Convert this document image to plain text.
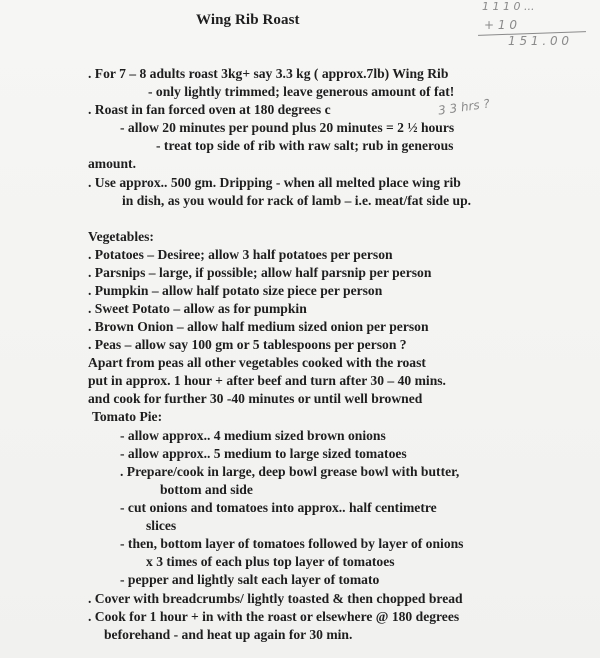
Wing Rib Roast
1 1 1 0 ...
+ 1 0
1 5 1 . 0 0
3 3 hrs ?
. For 7 – 8 adults roast 3kg+ say 3.3 kg ( approx.7lb) Wing Rib
- only lightly trimmed; leave generous amount of fat!
. Roast in fan forced oven at 180 degrees c
- allow 20 minutes per pound plus 20 minutes = 2 ½ hours
- treat top side of rib with raw salt; rub in generous
amount.
. Use approx.. 500 gm. Dripping - when all melted place wing rib
in dish, as you would for rack of lamb – i.e. meat/fat side up.
Vegetables:
. Potatoes – Desiree; allow 3 half potatoes per person
. Parsnips – large, if possible; allow half parsnip per person
. Pumpkin – allow half potato size piece per person
. Sweet Potato – allow as for pumpkin
. Brown Onion – allow half medium sized onion per person
. Peas – allow say 100 gm or 5 tablespoons per person ?
Apart from peas all other vegetables cooked with the roast
put in approx. 1 hour + after beef and turn after 30 – 40 mins.
and cook for further 30 -40 minutes or until well browned
Tomato Pie:
- allow approx.. 4 medium sized brown onions
- allow approx.. 5 medium to large sized tomatoes
. Prepare/cook in large, deep bowl grease bowl with butter,
bottom and side
- cut onions and tomatoes into approx.. half centimetre
slices
- then, bottom layer of tomatoes followed by layer of onions
x 3 times of each plus top layer of tomatoes
- pepper and lightly salt each layer of tomato
. Cover with breadcrumbs/ lightly toasted & then chopped bread
. Cook for 1 hour + in with the roast or elsewhere @ 180 degrees
beforehand - and heat up again for 30 min.
